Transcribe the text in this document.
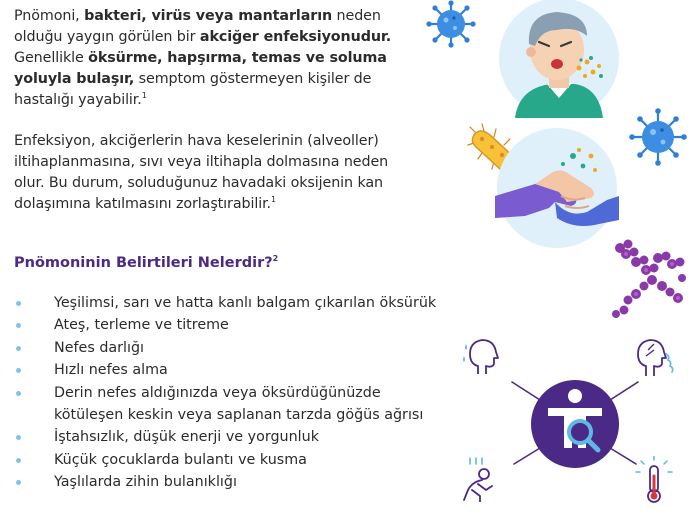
Pnömoni, bakteri, virüs veya mantarların neden
olduğu yaygın görülen bir akciğer enfeksiyonudur.
Genellikle öksürme, hapşırma, temas ve soluma
yoluyla bulaşır, semptom göstermeyen kişiler de
hastalığı yayabilir.$^1$

Enfeksiyon, akciğerlerin hava keselerinin (alveoller)
iltihaplanmasına, sıvı veya iltihapla dolmasına neden
olur. Bu durum, soluduğunuz havadaki oksijenin kan
dolaşımına katılmasını zorlaştırabilir.$^1$

Pnömoninin Belirtileri Nelerdir?$^2$
Yeşilimsi, sarı ve hatta kanlı balgam çıkarılan öksürük
Ateş, terleme ve titreme
Nefes darlığı
Hızlı nefes alma
Derin nefes aldığınızda veya öksürdüğünüzde
kötüleşen keskin veya saplanan tarzda göğüs ağrısı
İştahsızlık, düşük enerji ve yorgunluk
Küçük çocuklarda bulantı ve kusma
Yaşlılarda zihin bulanıklığı
